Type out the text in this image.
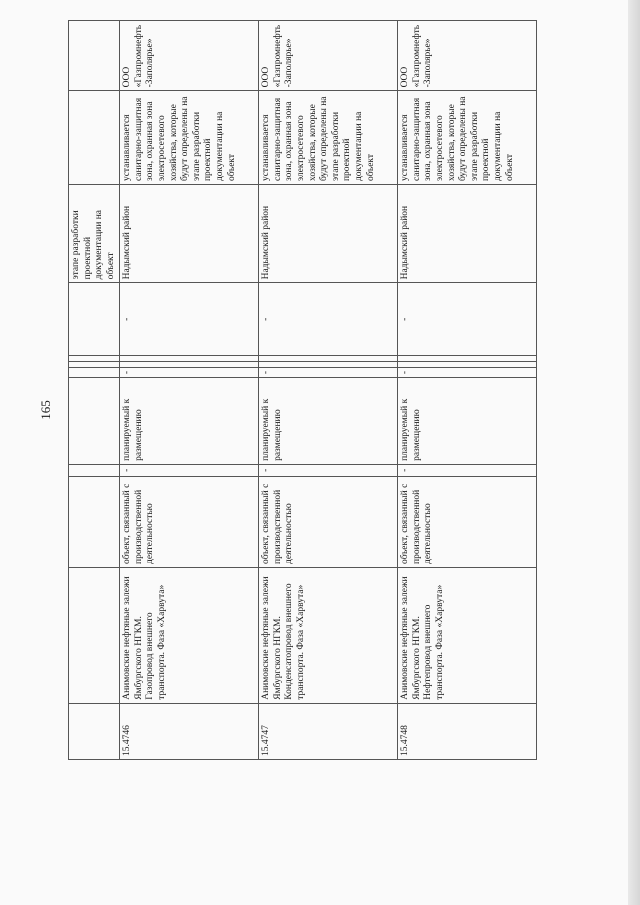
165
									этапе разработки проектной документации на объект		
15.4746	Анимовские нефтяные залежи Ямбургского НГКМ. Газопровод внешнего транспорта. Фаза «Харвута»	объект, связанный с производственной деятельностью	-	планируемый к размещению	-			-	Надымский район	устанавливается санитарно-защитная зона, охранная зона электросетевого хозяйства, которые будут определены на этапе разработки проектной документации на объект	ООО «Газпромнефть-Заполярье»
15.4747	Анимовские нефтяные залежи Ямбургского НГКМ. Конденсатопровод внешнего транспорта. Фаза «Харвута»	объект, связанный с производственной деятельностью	-	планируемый к размещению	-			-	Надымский район	устанавливается санитарно-защитная зона, охранная зона электросетевого хозяйства, которые будут определены на этапе разработки проектной документации на объект	ООО «Газпромнефть-Заполярье»
15.4748	Анимовские нефтяные залежи Ямбургского НГКМ. Нефтепровод внешнего транспорта. Фаза «Харвута»	объект, связанный с производственной деятельностью	-	планируемый к размещению	-			-	Надымский район	устанавливается санитарно-защитная зона, охранная зона электросетевого хозяйства, которые будут определены на этапе разработки проектной документации на объект	ООО «Газпромнефть-Заполярье»
